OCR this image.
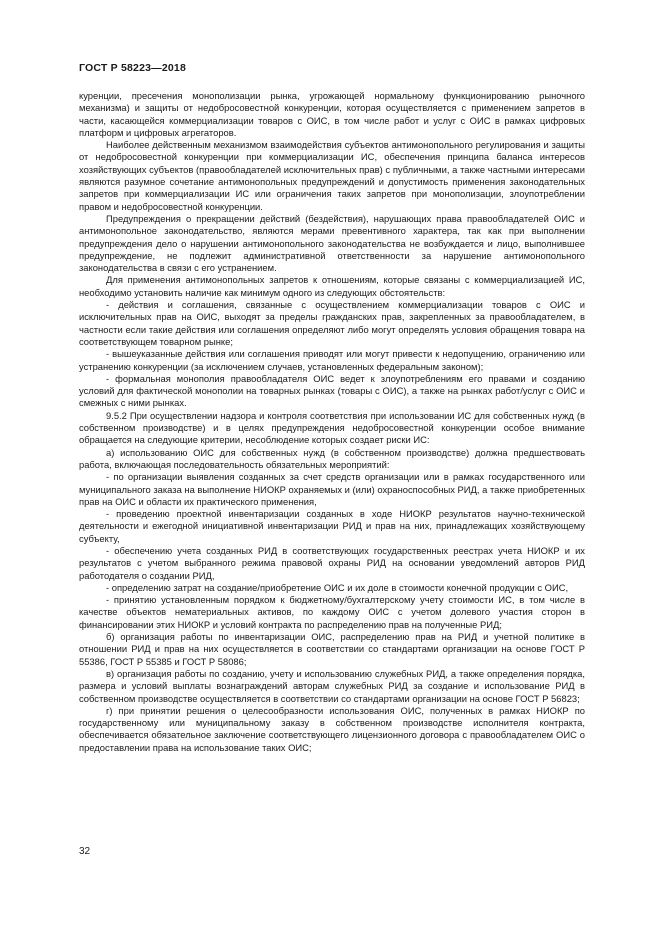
ГОСТ Р 58223—2018

куренции, пресечения монополизации рынка, угрожающей нормальному функционированию рыночного механизма) и защиты от недобросовестной конкуренции, которая осуществляется с применением запретов в части, касающейся коммерциализации товаров с ОИС, в том числе работ и услуг с ОИС в рамках цифровых платформ и цифровых агрегаторов.

Наиболее действенным механизмом взаимодействия субъектов антимонопольного регулирования и защиты от недобросовестной конкуренции при коммерциализации ИС, обеспечения принципа баланса интересов хозяйствующих субъектов (правообладателей исключительных прав) с публичными, а также частными интересами являются разумное сочетание антимонопольных предупреждений и допустимость применения законодательных запретов при коммерциализации ИС или ограничения таких запретов при монополизации, злоупотреблении правом и недобросовестной конкуренции.

Предупреждения о прекращении действий (бездействия), нарушающих права правообладателей ОИС и антимонопольное законодательство, являются мерами превентивного характера, так как при выполнении предупреждения дело о нарушении антимонопольного законодательства не возбуждается и лицо, выполнившее предупреждение, не подлежит административной ответственности за нарушение антимонопольного законодательства в связи с его устранением.

Для применения антимонопольных запретов к отношениям, которые связаны с коммерциализацией ИС, необходимо установить наличие как минимум одного из следующих обстоятельств:

- действия и соглашения, связанные с осуществлением коммерциализации товаров с ОИС и исключительных прав на ОИС, выходят за пределы гражданских прав, закрепленных за правообладателем, в частности если такие действия или соглашения определяют либо могут определять условия обращения товара на соответствующем товарном рынке;

- вышеуказанные действия или соглашения приводят или могут привести к недопущению, ограничению или устранению конкуренции (за исключением случаев, установленных федеральным законом);

- формальная монополия правообладателя ОИС ведет к злоупотреблениям его правами и созданию условий для фактической монополии на товарных рынках (товары с ОИС), а также на рынках работ/услуг с ОИС и смежных с ними рынках.

9.5.2 При осуществлении надзора и контроля соответствия при использовании ИС для собственных нужд (в собственном производстве) и в целях предупреждения недобросовестной конкуренции особое внимание обращается на следующие критерии, несоблюдение которых создает риски ИС:

а) использованию ОИС для собственных нужд (в собственном производстве) должна предшествовать работа, включающая последовательность обязательных мероприятий:

- по организации выявления созданных за счет средств организации или в рамках государственного или муниципального заказа на выполнение НИОКР охраняемых и (или) охраноспособных РИД, а также приобретенных прав на ОИС и области их практического применения,

- проведению проектной инвентаризации созданных в ходе НИОКР результатов научно-технической деятельности и ежегодной инициативной инвентаризации РИД и прав на них, принадлежащих хозяйствующему субъекту,

- обеспечению учета созданных РИД в соответствующих государственных реестрах учета НИОКР и их результатов с учетом выбранного режима правовой охраны РИД на основании уведомлений авторов РИД работодателя о создании РИД,

- определению затрат на создание/приобретение ОИС и их доле в стоимости конечной продукции с ОИС,

- принятию установленным порядком к бюджетному/бухгалтерскому учету стоимости ИС, в том числе в качестве объектов нематериальных активов, по каждому ОИС с учетом долевого участия сторон в финансировании этих НИОКР и условий контракта по распределению прав на полученные РИД;

б) организация работы по инвентаризации ОИС, распределению прав на РИД и учетной политике в отношении РИД и прав на них осуществляется в соответствии со стандартами организации на основе ГОСТ Р 55386, ГОСТ Р 55385 и ГОСТ Р 58086;

в) организация работы по созданию, учету и использованию служебных РИД, а также определения порядка, размера и условий выплаты вознаграждений авторам служебных РИД за создание и использование РИД в собственном производстве осуществляется в соответствии со стандартами организации на основе ГОСТ Р 56823;

г) при принятии решения о целесообразности использования ОИС, полученных в рамках НИОКР по государственному или муниципальному заказу в собственном производстве исполнителя контракта, обеспечивается обязательное заключение соответствующего лицензионного договора с правообладателем ОИС о предоставлении права на использование таких ОИС;

32
